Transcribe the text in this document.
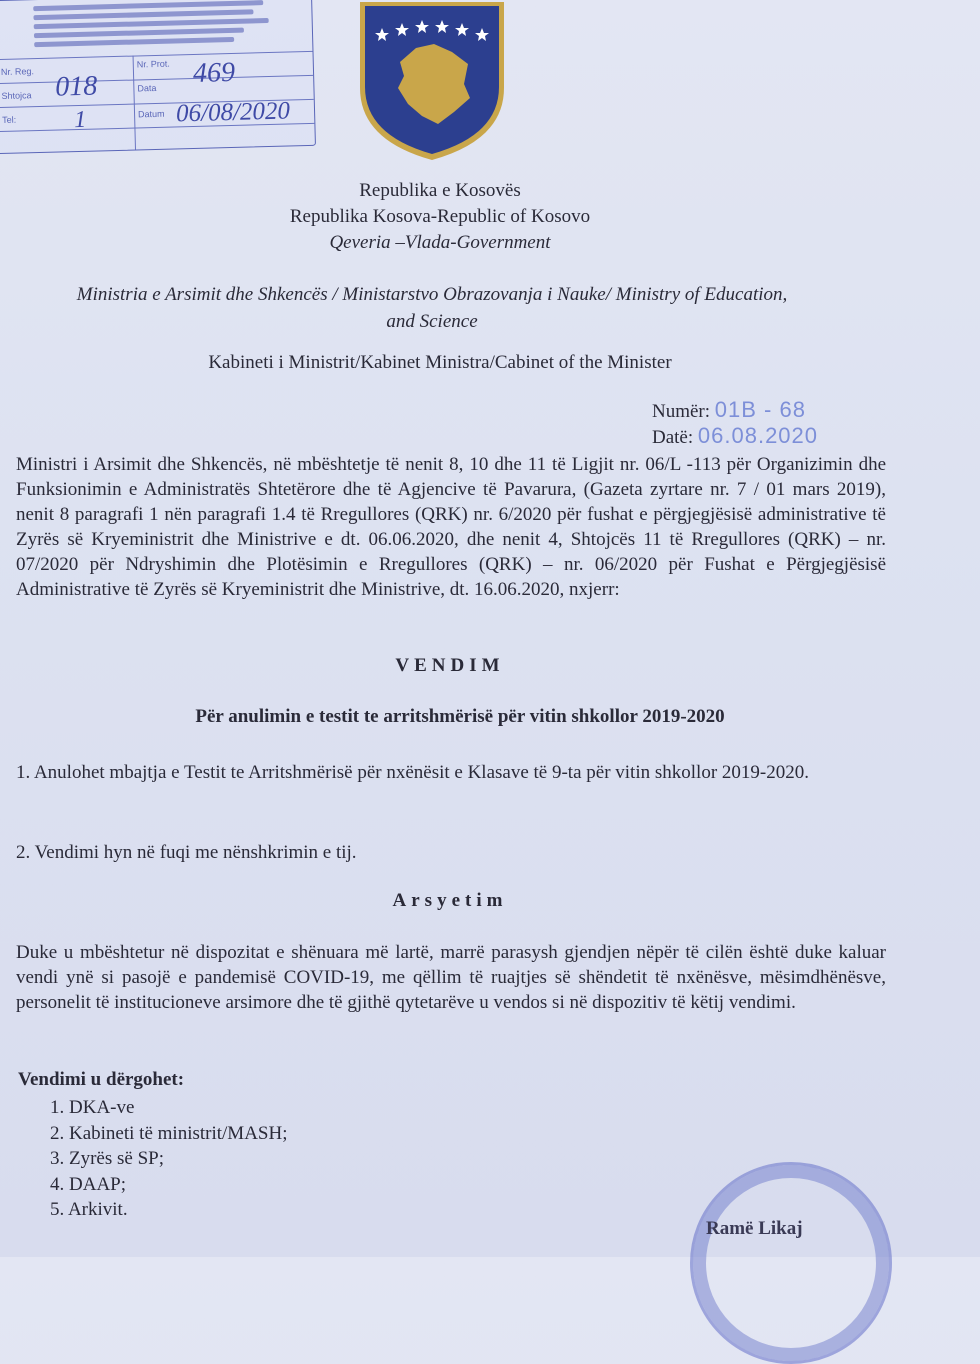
Nr. Reg.
Shtojca
Tel:
Nr. Prot.
Data
Datum
018	469
1	06/08/2020
Republika e Kosovës
Republika Kosova-Republic of Kosovo
Qeveria –Vlada-Government
Ministria e Arsimit dhe Shkencës / Ministarstvo Obrazovanja i Nauke/ Ministry of Education,
and Science
Kabineti i Ministrit/Kabinet Ministra/Cabinet of the Minister
Numër: 01B - 68
Datë: 06.08.2020
Ministri i Arsimit dhe Shkencës, në mbështetje të nenit 8, 10 dhe 11 të Ligjit nr. 06/L -113 për Organizimin dhe Funksionimin e Administratës Shtetërore dhe të Agjencive të Pavarura, (Gazeta zyrtare nr. 7 / 01 mars 2019), nenit 8 paragrafi 1 nën paragrafi 1.4 të Rregullores (QRK) nr. 6/2020 për fushat e përgjegjësisë administrative të Zyrës së Kryeministrit dhe Ministrive e dt. 06.06.2020, dhe nenit 4, Shtojcës 11 të Rregullores (QRK) – nr. 07/2020 për Ndryshimin dhe Plotësimin e Rregullores (QRK) – nr. 06/2020 për Fushat e Përgjegjësisë Administrative të Zyrës së Kryeministrit dhe Ministrive, dt. 16.06.2020, nxjerr:
VENDIM
Për anulimin e testit te arritshmërisë për vitin shkollor 2019-2020
1. Anulohet mbajtja e Testit te Arritshmërisë për nxënësit e Klasave të 9-ta për vitin shkollor 2019-2020.
2. Vendimi hyn në fuqi me nënshkrimin e tij.
Arsyetim
Duke u mbështetur në dispozitat e shënuara më lartë, marrë parasysh gjendjen nëpër të cilën është duke kaluar vendi ynë si pasojë e pandemisë COVID-19, me qëllim të ruajtjes së shëndetit të nxënësve, mësimdhënësve, personelit të institucioneve arsimore dhe të gjithë qytetarëve u vendos si në dispozitiv të këtij vendimi.
Vendimi u dërgohet:
1. DKA-ve
2. Kabineti të ministrit/MASH;
3. Zyrës së SP;
4. DAAP;
5. Arkivit.
Ramë Likaj
